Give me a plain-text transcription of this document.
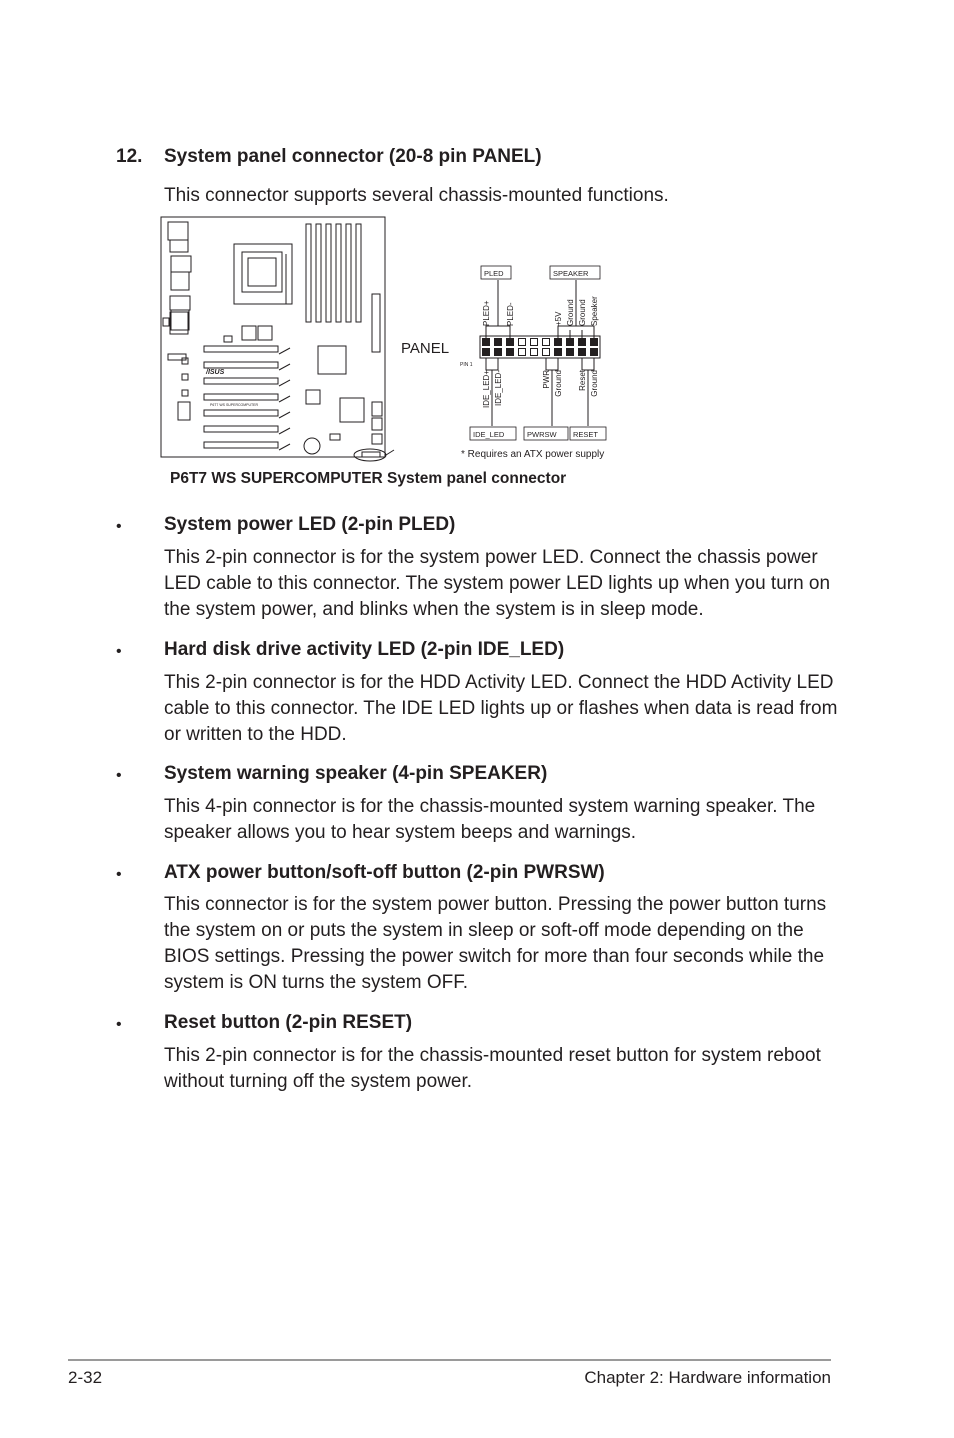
12. System panel connector (20-8 pin PANEL)
This connector supports several chassis-mounted functions.
/ISUS
P6T7 WS SUPERCOMPUTER
PANEL
PIN 1
PLED	SPEAKER
IDE_LED	PWRSW RESET
PLED+ PLED-	+5V Ground Ground Speaker
IDE_LED+ IDE_LED-	PWR Ground Reset Ground
* Requires an ATX power supply
P6T7 WS SUPERCOMPUTER System panel connector
• System power LED (2-pin PLED)
This 2-pin connector is for the system power LED. Connect the chassis power LED cable to this connector. The system power LED lights up when you turn on the system power, and blinks when the system is in sleep mode.
• Hard disk drive activity LED (2-pin IDE_LED)
This 2-pin connector is for the HDD Activity LED. Connect the HDD Activity LED cable to this connector. The IDE LED lights up or flashes when data is read from or written to the HDD.
• System warning speaker (4-pin SPEAKER)
This 4-pin connector is for the chassis-mounted system warning speaker. The speaker allows you to hear system beeps and warnings.
• ATX power button/soft-off button (2-pin PWRSW)
This connector is for the system power button. Pressing the power button turns the system on or puts the system in sleep or soft-off mode depending on the BIOS settings. Pressing the power switch for more than four seconds while the system is ON turns the system OFF.
• Reset button (2-pin RESET)
This 2-pin connector is for the chassis-mounted reset button for system reboot without turning off the system power.
2-32	Chapter 2: Hardware information
